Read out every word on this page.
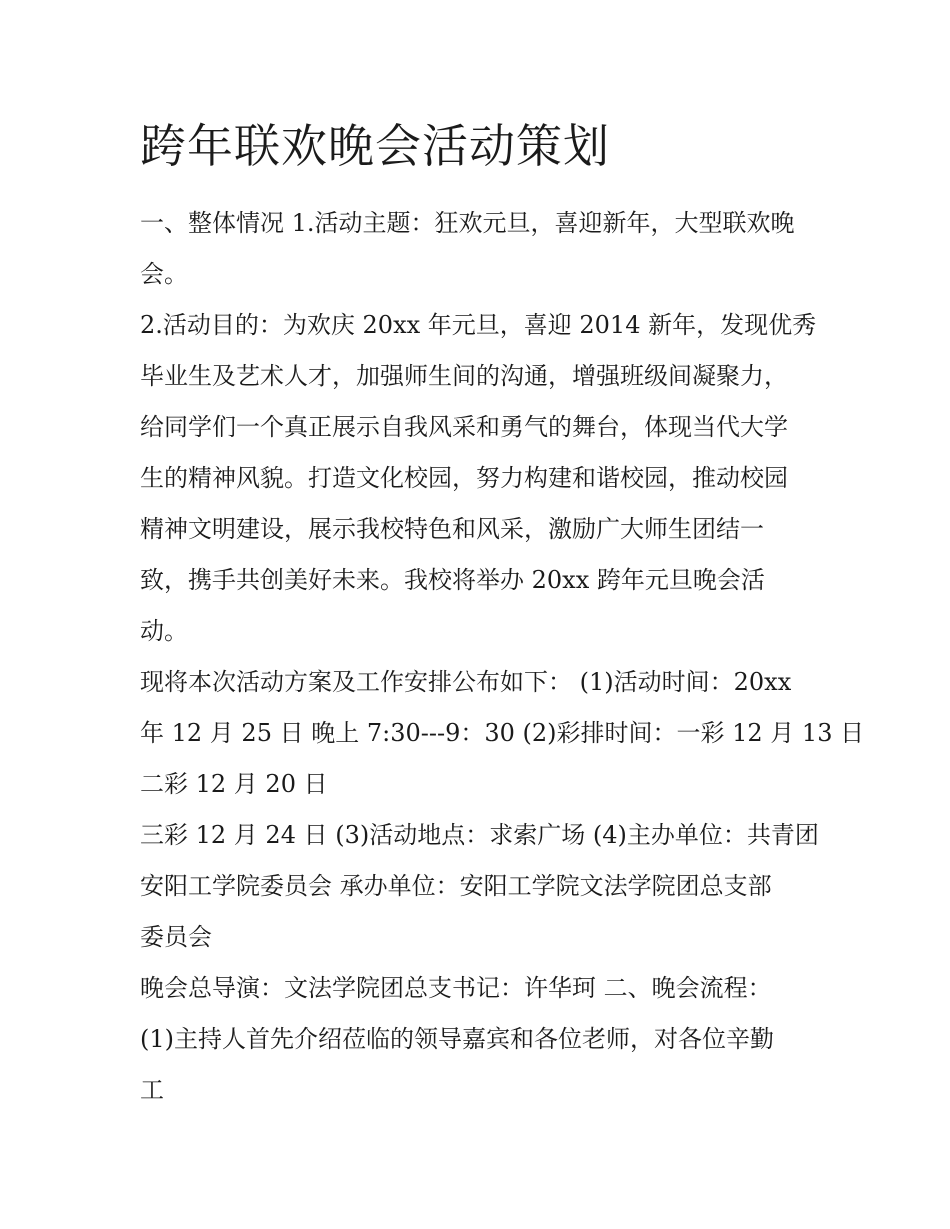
跨年联欢晚会活动策划

一、整体情况 1.活动主题：狂欢元旦，喜迎新年，大型联欢晚

会。

2.活动目的：为欢庆 20xx 年元旦，喜迎 2014 新年，发现优秀

毕业生及艺术人才，加强师生间的沟通，增强班级间凝聚力，

给同学们一个真正展示自我风采和勇气的舞台，体现当代大学

生的精神风貌。打造文化校园，努力构建和谐校园，推动校园

精神文明建设，展示我校特色和风采，激励广大师生团结一

致，携手共创美好未来。我校将举办 20xx 跨年元旦晚会活

动。

现将本次活动方案及工作安排公布如下： (1)活动时间：20xx

年 12 月 25 日 晚上 7:30---9：30 (2)彩排时间：一彩 12 月 13 日

二彩 12 月 20 日

三彩 12 月 24 日 (3)活动地点：求索广场 (4)主办单位：共青团

安阳工学院委员会 承办单位：安阳工学院文法学院团总支部

委员会

晚会总导演：文法学院团总支书记：许华珂 二、晚会流程：

(1)主持人首先介绍莅临的领导嘉宾和各位老师，对各位辛勤

工
